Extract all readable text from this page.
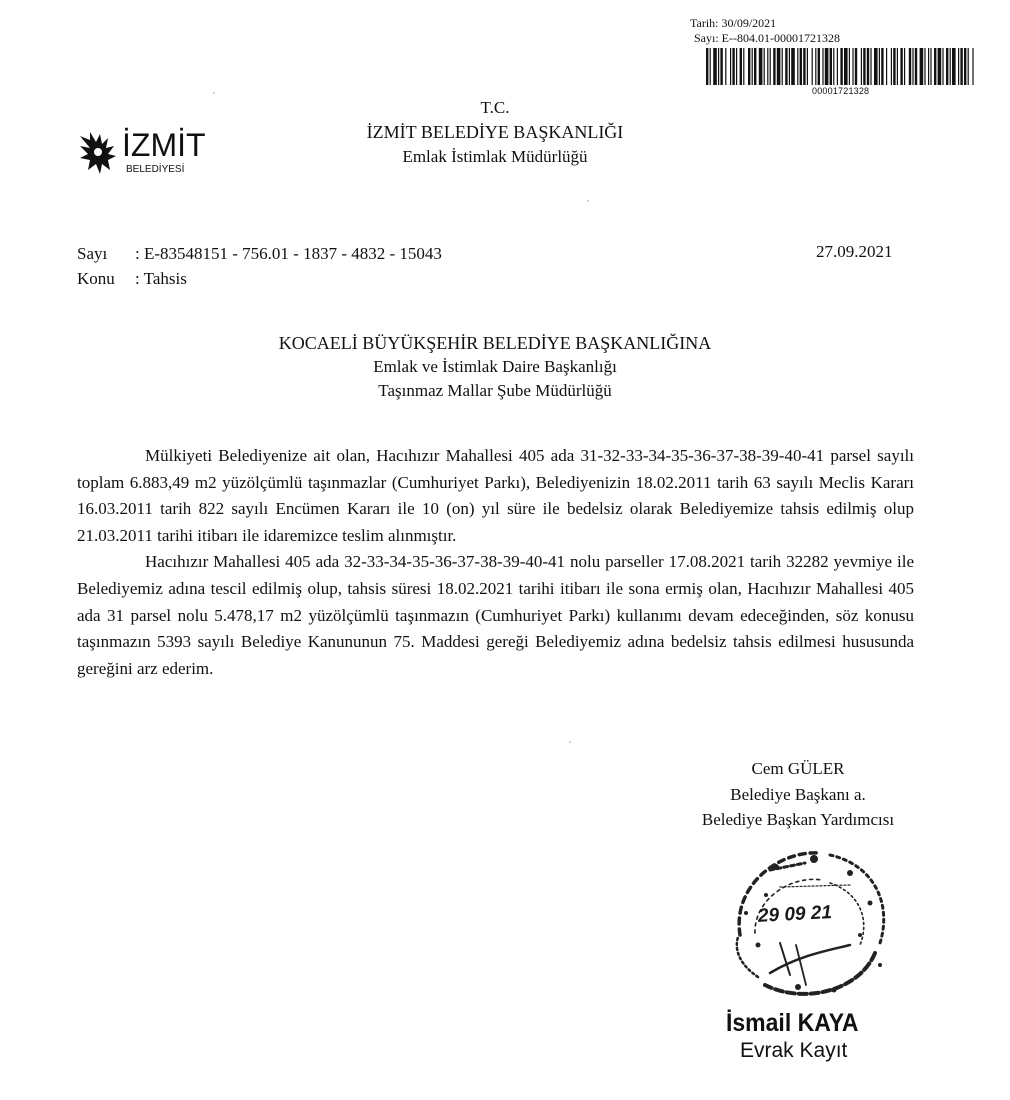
Tarih: 30/09/2021
Sayı: E--804.01-00001721328
00001721328
İZMİT
BELEDİYESİ
T.C.
İZMİT BELEDİYE BAŞKANLIĞI
Emlak İstimlak Müdürlüğü
Sayı : E-83548151 - 756.01 - 1837 - 4832 - 15043
Konu : Tahsis
27.09.2021
KOCAELİ BÜYÜKŞEHİR BELEDİYE BAŞKANLIĞINA
Emlak ve İstimlak Daire Başkanlığı
Taşınmaz Mallar Şube Müdürlüğü

Mülkiyeti Belediyenize ait olan, Hacıhızır Mahallesi 405 ada 31-32-33-34-35-36-37-38-39-40-41 parsel sayılı toplam 6.883,49 m2 yüzölçümlü taşınmazlar (Cumhuriyet Parkı), Belediyenizin 18.02.2011 tarih 63 sayılı Meclis Kararı 16.03.2011 tarih 822 sayılı Encümen Kararı ile 10 (on) yıl süre ile bedelsiz olarak Belediyemize tahsis edilmiş olup 21.03.2011 tarihi itibarı ile idaremizce teslim alınmıştır.

Hacıhızır Mahallesi 405 ada 32-33-34-35-36-37-38-39-40-41 nolu parseller 17.08.2021 tarih 32282 yevmiye ile Belediyemiz adına tescil edilmiş olup, tahsis süresi 18.02.2021 tarihi itibarı ile sona ermiş olan, Hacıhızır Mahallesi 405 ada 31 parsel nolu 5.478,17 m2 yüzölçümlü taşınmazın (Cumhuriyet Parkı) kullanımı devam edeceğinden, söz konusu taşınmazın 5393 sayılı Belediye Kanununun 75. Maddesi gereği Belediyemiz adına bedelsiz tahsis edilmesi hususunda gereğini arz ederim.

Cem GÜLER
Belediye Başkanı a.
Belediye Başkan Yardımcısı
29 09 21
İsmail KAYA
Evrak Kayıt
